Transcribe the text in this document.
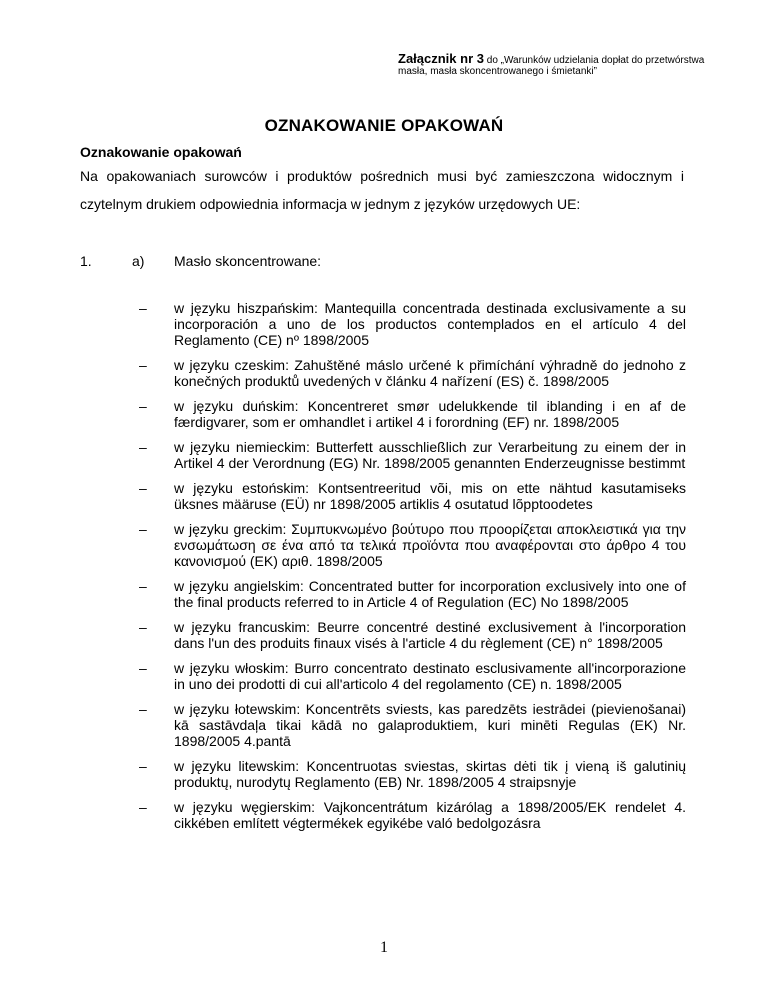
Załącznik nr 3 do „Warunków udzielania dopłat do przetwórstwa masła, masła skoncentrowanego i śmietanki”
OZNAKOWANIE OPAKOWAŃ
Oznakowanie opakowań
Na opakowaniach surowców i produktów pośrednich musi być zamieszczona widocznym i czytelnym drukiem odpowiednia informacja w jednym z języków urzędowych UE:
1.	a) Masło skoncentrowane:
– w języku hiszpańskim: Mantequilla concentrada destinada exclusivamente a su incorporación a uno de los productos contemplados en el artículo 4 del Reglamento (CE) nº 1898/2005
– w języku czeskim: Zahuštěné máslo určené k přimíchání výhradně do jednoho z konečných produktů uvedených v článku 4 nařízení (ES) č. 1898/2005
– w języku duńskim: Koncentreret smør udelukkende til iblanding i en af de færdigvarer, som er omhandlet i artikel 4 i forordning (EF) nr. 1898/2005
– w języku niemieckim: Butterfett ausschließlich zur Verarbeitung zu einem der in Artikel 4 der Verordnung (EG) Nr. 1898/2005 genannten Enderzeugnisse bestimmt
– w języku estońskim: Kontsentreeritud või, mis on ette nähtud kasutamiseks üksnes määruse (EÜ) nr 1898/2005 artiklis 4 osutatud lõpptoodetes
– w języku greckim: Συμπυκνωμένο βούτυρο που προορίζεται αποκλειστικά για την ενσωμάτωση σε ένα από τα τελικά προϊόντα που αναφέρονται στο άρθρο 4 του κανονισμού (ΕΚ) αριθ. 1898/2005
– w języku angielskim: Concentrated butter for incorporation exclusively into one of the final products referred to in Article 4 of Regulation (EC) No 1898/2005
– w języku francuskim: Beurre concentré destiné exclusivement à l'incorporation dans l'un des produits finaux visés à l'article 4 du règlement (CE) n° 1898/2005
– w języku włoskim: Burro concentrato destinato esclusivamente all'incorporazione in uno dei prodotti di cui all'articolo 4 del regolamento (CE) n. 1898/2005
– w języku łotewskim: Koncentrēts sviests, kas paredzēts iestrādei (pievienošanai) kā sastāvdaļa tikai kādā no galaproduktiem, kuri minēti Regulas (EK) Nr. 1898/2005 4.pantā
– w języku litewskim: Koncentruotas sviestas, skirtas dėti tik į vieną iš galutinių produktų, nurodytų Reglamento (EB) Nr. 1898/2005 4 straipsnyje
– w języku węgierskim: Vajkoncentrátum kizárólag a 1898/2005/EK rendelet 4. cikkében említett végtermékek egyikébe való bedolgozásra
1
